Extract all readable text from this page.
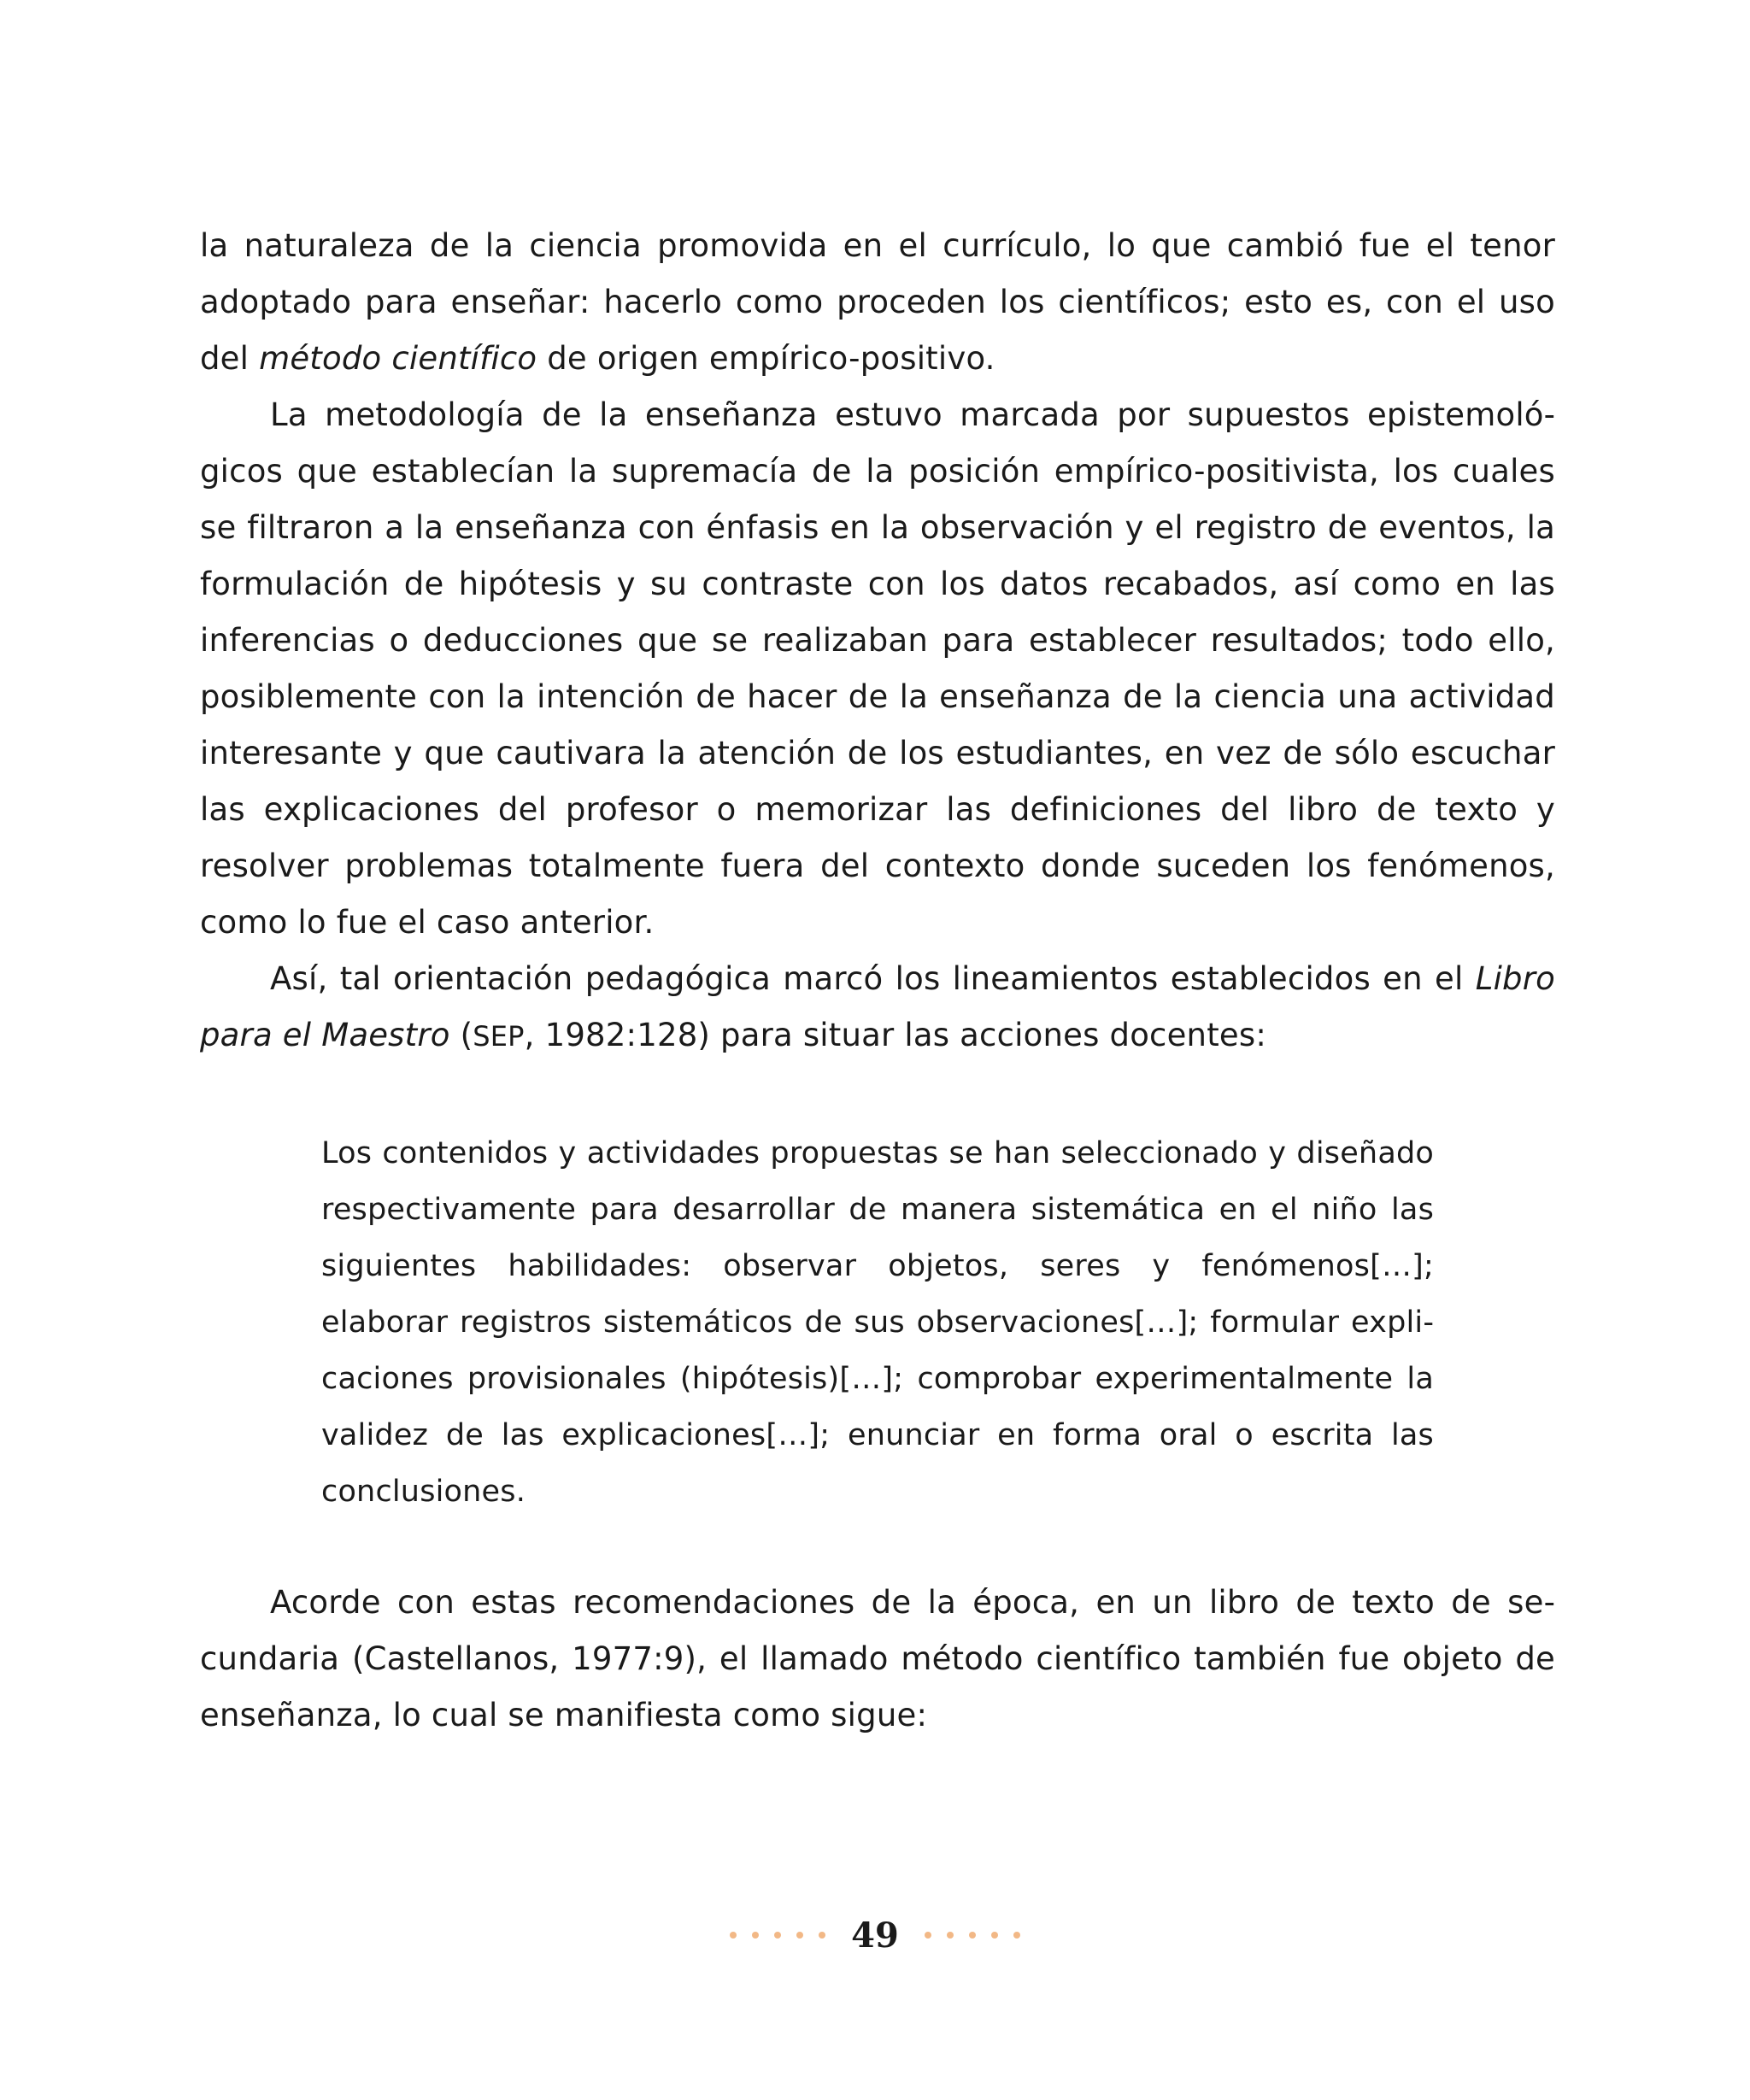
la naturaleza de la ciencia promovida en el currículo, lo que cambió fue el tenor adoptado para enseñar: hacerlo como proceden los científicos; esto es, con el uso del método científico de origen empírico-positivo.

La metodología de la enseñanza estuvo marcada por supuestos epistemológicos que establecían la supremacía de la posición empírico-positivista, los cuales se filtraron a la enseñanza con énfasis en la observación y el registro de eventos, la formulación de hipótesis y su contraste con los datos recabados, así como en las inferencias o deducciones que se realizaban para establecer resultados; todo ello, posiblemente con la intención de hacer de la enseñanza de la ciencia una actividad interesante y que cautivara la atención de los estudiantes, en vez de sólo escuchar las explicaciones del profesor o memorizar las definiciones del libro de texto y resolver problemas totalmente fuera del contexto donde suceden los fenómenos, como lo fue el caso anterior.

Así, tal orientación pedagógica marcó los lineamientos establecidos en el Libro para el Maestro (SEP, 1982:128) para situar las acciones docentes:

Los contenidos y actividades propuestas se han seleccionado y diseñado respectivamente para desarrollar de manera sistemática en el niño las siguientes habilidades: observar objetos, seres y fenómenos[…]; elaborar registros sistemáticos de sus observaciones[…]; formular explicaciones provisionales (hipótesis)[…]; comprobar experimentalmente la validez de las explicaciones[…]; enunciar en forma oral o escrita las conclusiones.

Acorde con estas recomendaciones de la época, en un libro de texto de secundaria (Castellanos, 1977:9), el llamado método científico también fue objeto de enseñanza, lo cual se manifiesta como sigue:

49
